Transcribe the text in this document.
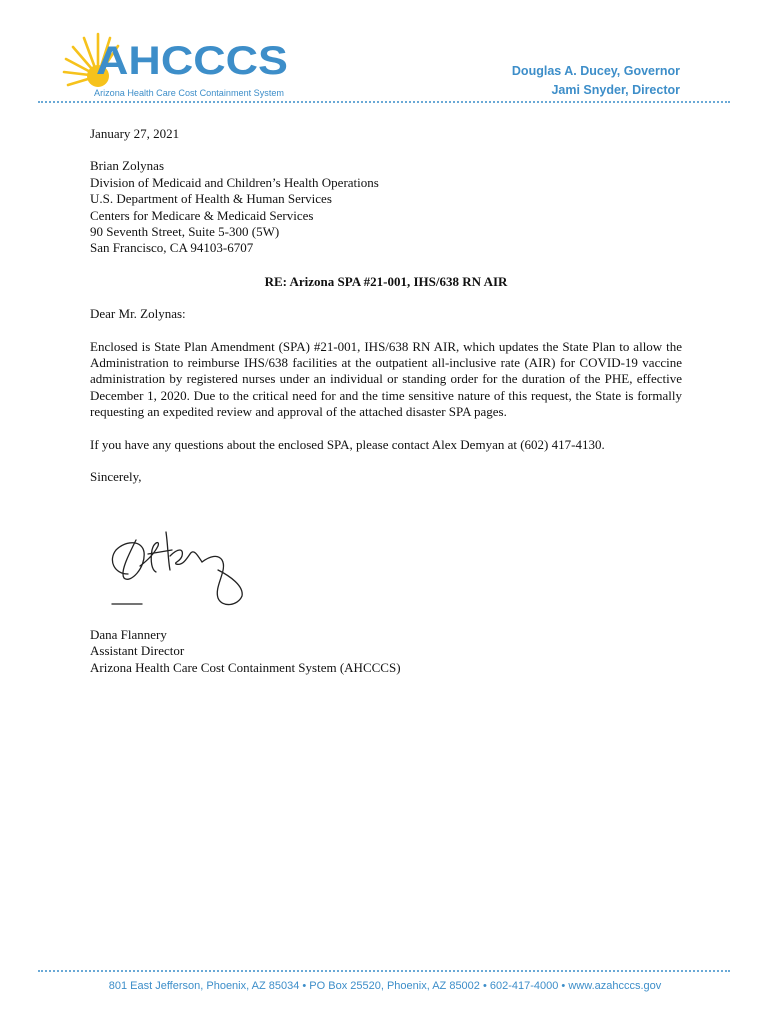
AHCCCS
Arizona Health Care Cost Containment System
Douglas A. Ducey, Governor
Jami Snyder, Director

January 27, 2021

Brian Zolynas
Division of Medicaid and Children’s Health Operations
U.S. Department of Health & Human Services
Centers for Medicare & Medicaid Services
90 Seventh Street, Suite 5-300 (5W)
San Francisco, CA 94103-6707

RE: Arizona SPA #21-001, IHS/638 RN AIR

Dear Mr. Zolynas:

Enclosed is State Plan Amendment (SPA) #21-001, IHS/638 RN AIR, which updates the State Plan to allow the Administration to reimburse IHS/638 facilities at the outpatient all-inclusive rate (AIR) for COVID-19 vaccine administration by registered nurses under an individual or standing order for the duration of the PHE, effective December 1, 2020. Due to the critical need for and the time sensitive nature of this request, the State is formally requesting an expedited review and approval of the attached disaster SPA pages.

If you have any questions about the enclosed SPA, please contact Alex Demyan at (602) 417-4130.

Sincerely,

Dana Flannery
Assistant Director
Arizona Health Care Cost Containment System (AHCCCS)
801 East Jefferson, Phoenix, AZ 85034 • PO Box 25520, Phoenix, AZ 85002 • 602-417-4000 • www.azahcccs.gov
